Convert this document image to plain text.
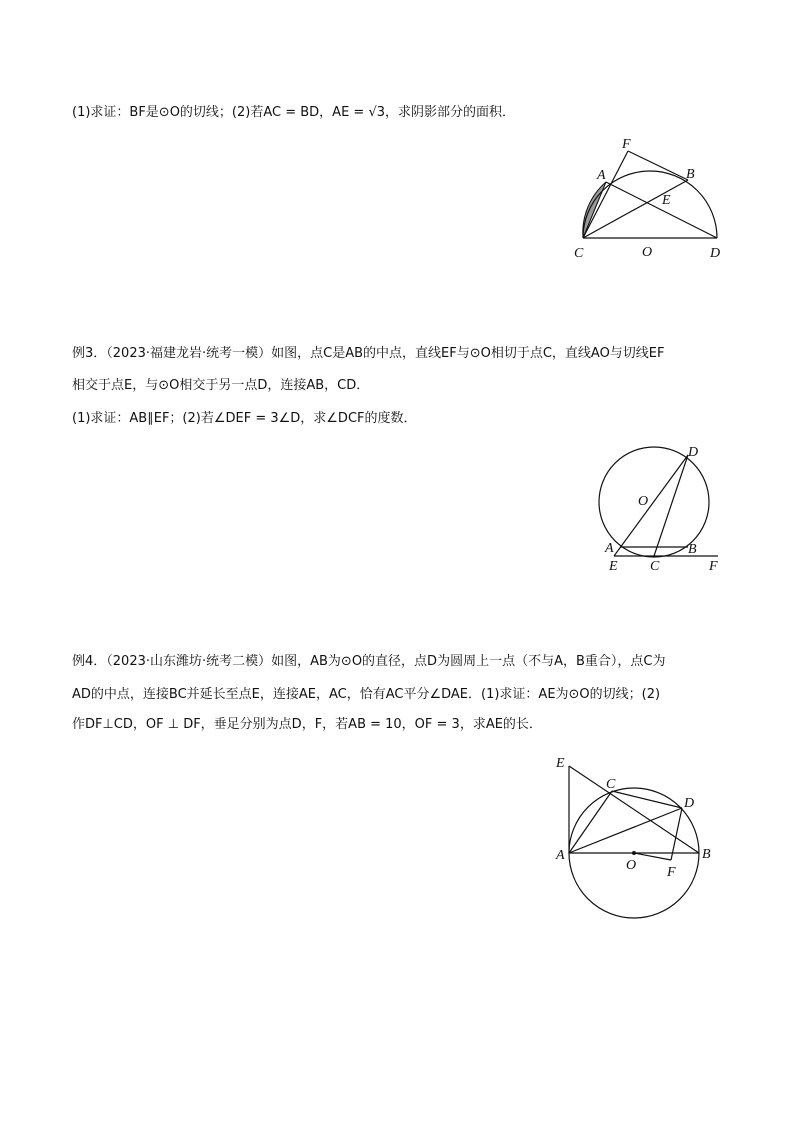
(1)求证：BF是⊙O的切线；(2)若AC = BD，AE = √3，求阴影部分的面积．
F
A	B
E
C	O	D
例3．（2023·福建龙岩·统考一模）如图，点C是AB的中点，直线EF与⊙O相切于点C，直线AO与切线EF
相交于点E，与⊙O相交于另一点D，连接AB，CD．
(1)求证：AB∥EF；(2)若∠DEF = 3∠D，求∠DCF的度数．
D
O
A	B
E C	F
例4．（2023·山东潍坊·统考二模）如图，AB为⊙O的直径，点D为圆周上一点（不与A，B重合），点C为
AD的中点，连接BC并延长至点E，连接AE，AC，恰有AC平分∠DAE．(1)求证：AE为⊙O的切线；(2)
作DF⊥CD，OF ⊥ DF，垂足分别为点D，F，若AB = 10，OF = 3，求AE的长．
E
C
D
A
O F
B
